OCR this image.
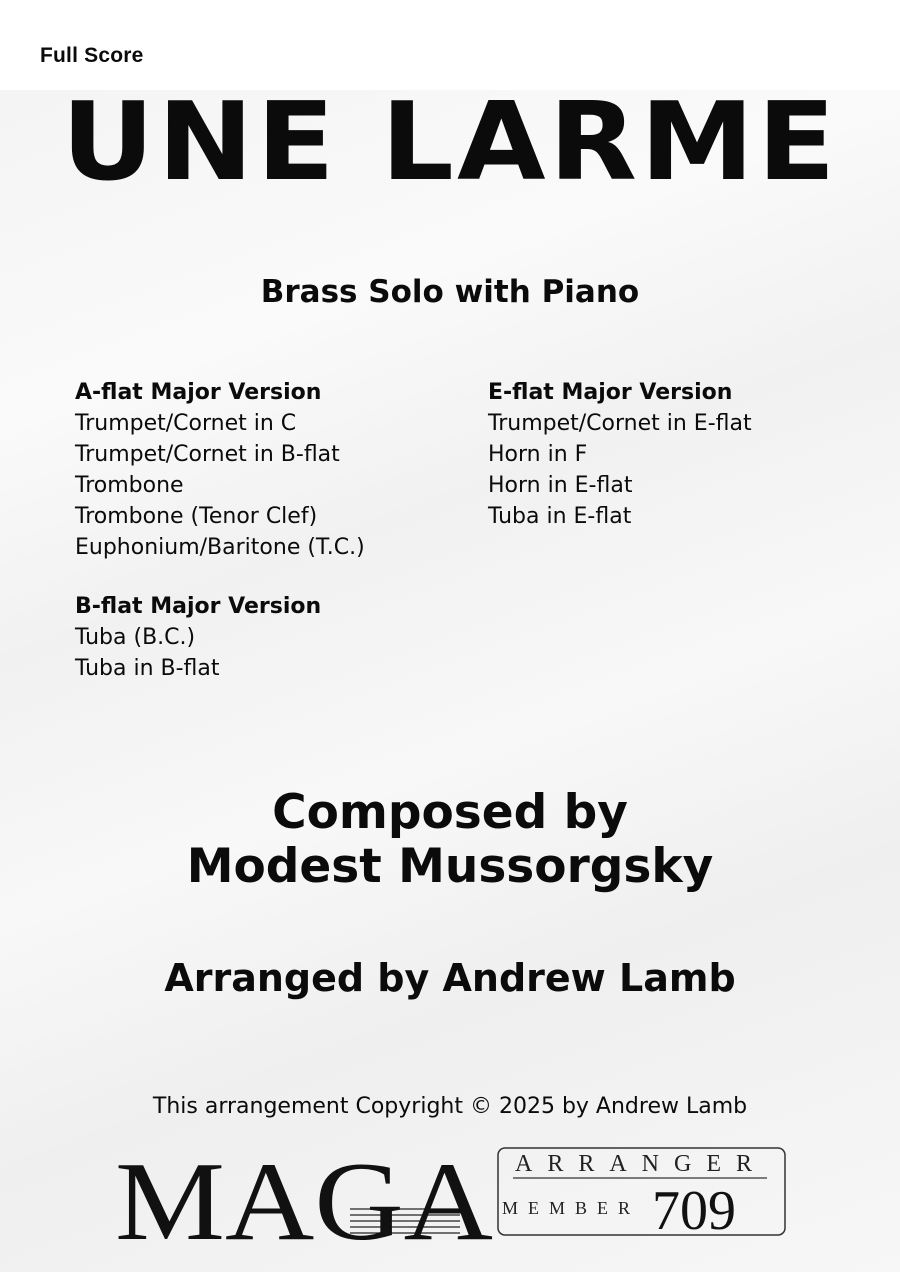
Full Score
UNE LARME
Brass Solo with Piano
A-flat Major Version
Trumpet/Cornet in C
Trumpet/Cornet in B-flat
Trombone
Trombone (Tenor Clef)
Euphonium/Baritone (T.C.)
E-flat Major Version
Trumpet/Cornet in E-flat
Horn in F
Horn in E-flat
Tuba in E-flat
B-flat Major Version
Tuba (B.C.)
Tuba in B-flat
Composed by
Modest Mussorgsky
Arranged by Andrew Lamb
This arrangement Copyright © 2025 by Andrew Lamb
MAGA ARRANGER
MEMBER 709
